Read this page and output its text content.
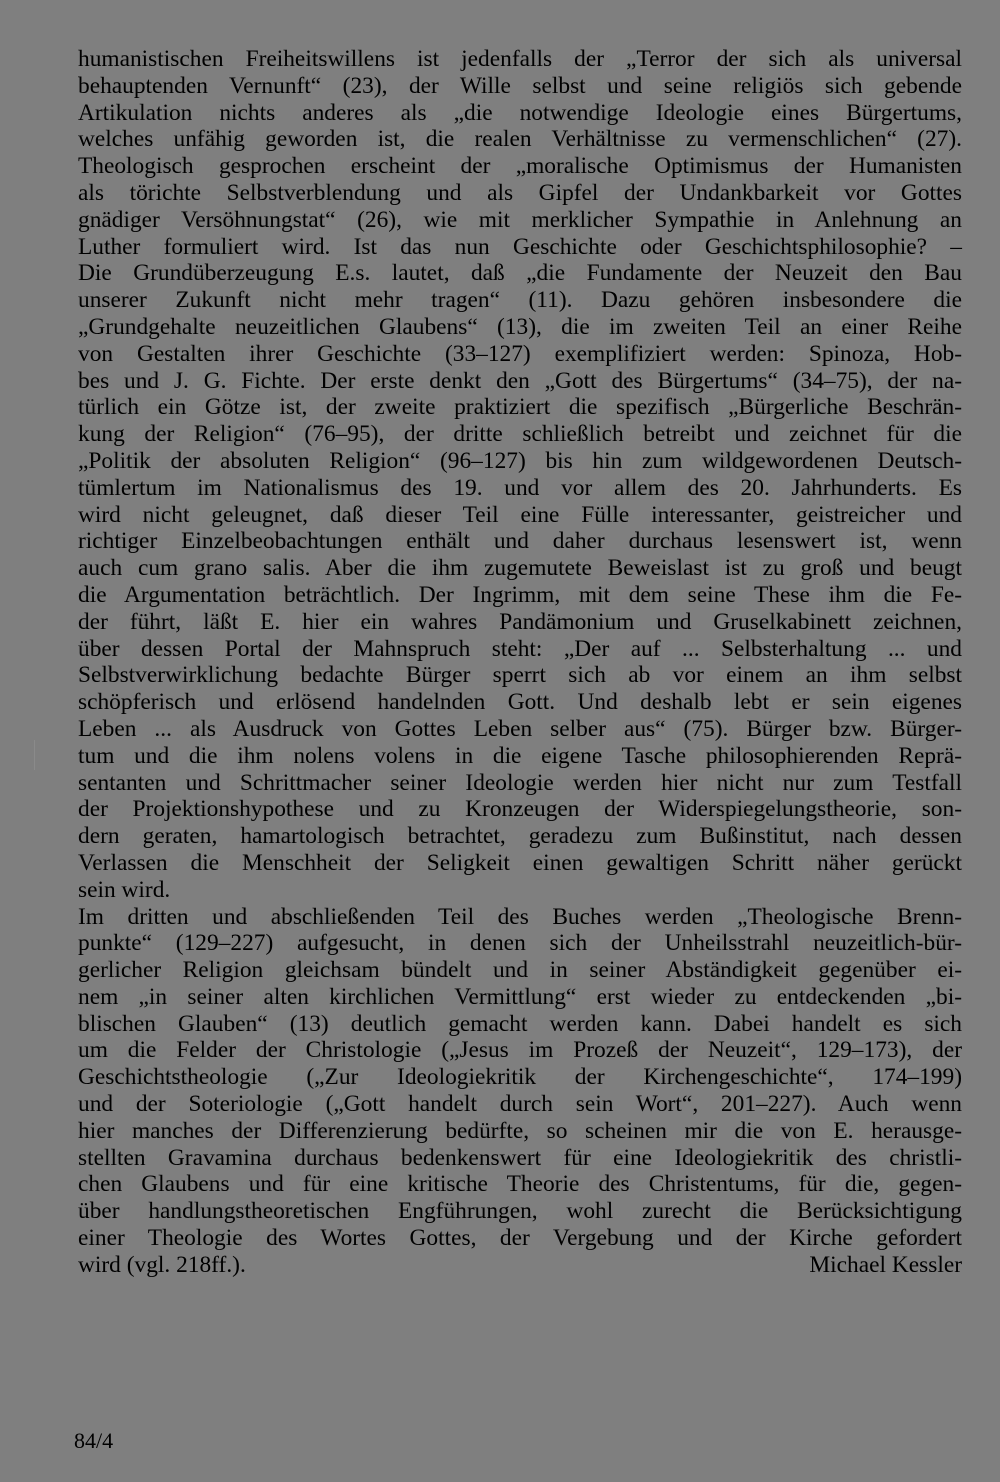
humanistischen Freiheitswillens ist jedenfalls der „Terror der sich als universal
behauptenden Vernunft“ (23), der Wille selbst und seine religiös sich gebende
Artikulation nichts anderes als „die notwendige Ideologie eines Bürgertums,
welches unfähig geworden ist, die realen Verhältnisse zu vermenschlichen“ (27).
Theologisch gesprochen erscheint der „moralische Optimismus der Humanisten
als törichte Selbstverblendung und als Gipfel der Undankbarkeit vor Gottes
gnädiger Versöhnungstat“ (26), wie mit merklicher Sympathie in Anlehnung an
Luther formuliert wird. Ist das nun Geschichte oder Geschichtsphilosophie? –
Die Grundüberzeugung E.s. lautet, daß „die Fundamente der Neuzeit den Bau
unserer Zukunft nicht mehr tragen“ (11). Dazu gehören insbesondere die
„Grundgehalte neuzeitlichen Glaubens“ (13), die im zweiten Teil an einer Reihe
von Gestalten ihrer Geschichte (33–127) exemplifiziert werden: Spinoza, Hob-
bes und J. G. Fichte. Der erste denkt den „Gott des Bürgertums“ (34–75), der na-
türlich ein Götze ist, der zweite praktiziert die spezifisch „Bürgerliche Beschrän-
kung der Religion“ (76–95), der dritte schließlich betreibt und zeichnet für die
„Politik der absoluten Religion“ (96–127) bis hin zum wildgewordenen Deutsch-
tümlertum im Nationalismus des 19. und vor allem des 20. Jahrhunderts. Es
wird nicht geleugnet, daß dieser Teil eine Fülle interessanter, geistreicher und
richtiger Einzelbeobachtungen enthält und daher durchaus lesenswert ist, wenn
auch cum grano salis. Aber die ihm zugemutete Beweislast ist zu groß und beugt
die Argumentation beträchtlich. Der Ingrimm, mit dem seine These ihm die Fe-
der führt, läßt E. hier ein wahres Pandämonium und Gruselkabinett zeichnen,
über dessen Portal der Mahnspruch steht: „Der auf ... Selbsterhaltung ... und
Selbstverwirklichung bedachte Bürger sperrt sich ab vor einem an ihm selbst
schöpferisch und erlösend handelnden Gott. Und deshalb lebt er sein eigenes
Leben ... als Ausdruck von Gottes Leben selber aus“ (75). Bürger bzw. Bürger-
tum und die ihm nolens volens in die eigene Tasche philosophierenden Reprä-
sentanten und Schrittmacher seiner Ideologie werden hier nicht nur zum Testfall
der Projektionshypothese und zu Kronzeugen der Widerspiegelungstheorie, son-
dern geraten, hamartologisch betrachtet, geradezu zum Bußinstitut, nach dessen
Verlassen die Menschheit der Seligkeit einen gewaltigen Schritt näher gerückt
sein wird.
Im dritten und abschließenden Teil des Buches werden „Theologische Brenn-
punkte“ (129–227) aufgesucht, in denen sich der Unheilsstrahl neuzeitlich-bür-
gerlicher Religion gleichsam bündelt und in seiner Abständigkeit gegenüber ei-
nem „in seiner alten kirchlichen Vermittlung“ erst wieder zu entdeckenden „bi-
blischen Glauben“ (13) deutlich gemacht werden kann. Dabei handelt es sich
um die Felder der Christologie („Jesus im Prozeß der Neuzeit“, 129–173), der
Geschichtstheologie („Zur Ideologiekritik der Kirchengeschichte“, 174–199)
und der Soteriologie („Gott handelt durch sein Wort“, 201–227). Auch wenn
hier manches der Differenzierung bedürfte, so scheinen mir die von E. herausge-
stellten Gravamina durchaus bedenkenswert für eine Ideologiekritik des christli-
chen Glaubens und für eine kritische Theorie des Christentums, für die, gegen-
über handlungstheoretischen Engführungen, wohl zurecht die Berücksichtigung
einer Theologie des Wortes Gottes, der Vergebung und der Kirche gefordert
wird (vgl. 218ff.).	Michael Kessler
84/4
